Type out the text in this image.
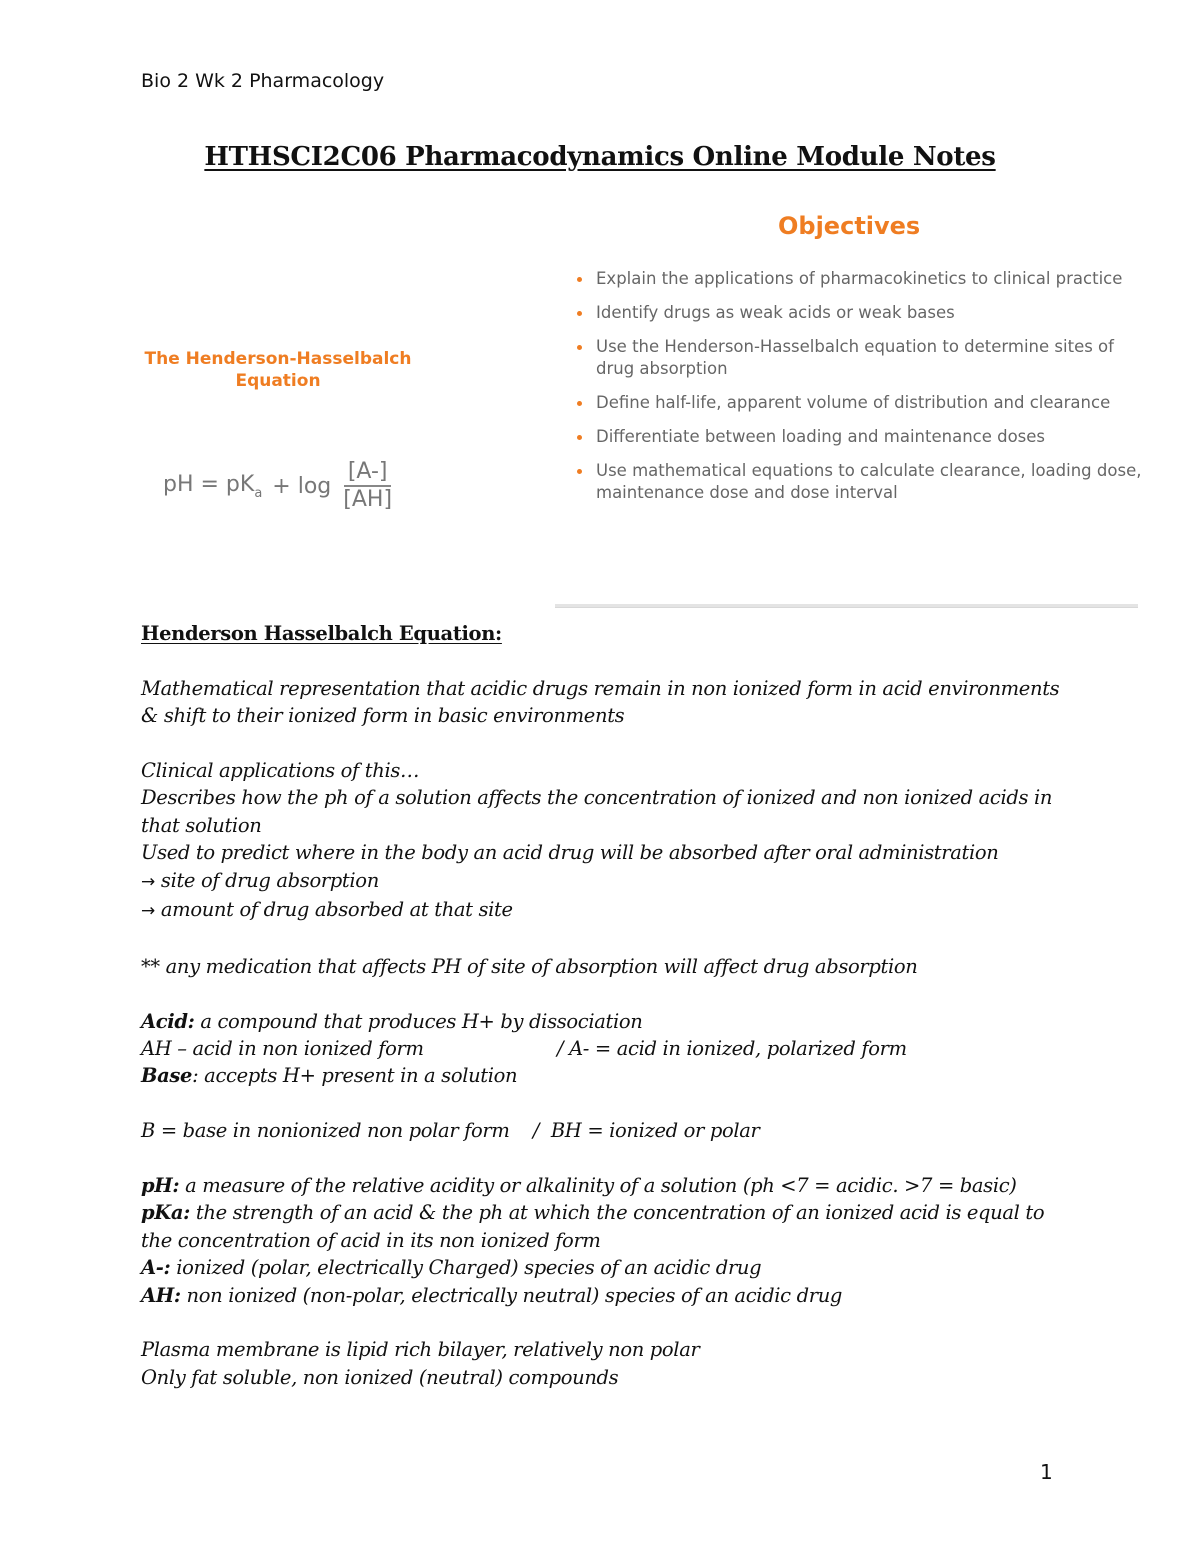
Bio 2 Wk 2 Pharmacology
HTHSCI2C06 Pharmacodynamics Online Module Notes
The Henderson-Hasselbalch
Equation
pH = $pK_a + \log \frac{[A-]}{[AH]}$
Objectives
Explain the applications of pharmacokinetics to clinical practice
Identify drugs as weak acids or weak bases
Use the Henderson-Hasselbalch equation to determine sites of drug absorption
Define half-life, apparent volume of distribution and clearance
Differentiate between loading and maintenance doses
Use mathematical equations to calculate clearance, loading dose, maintenance dose and dose interval

Henderson Hasselbalch Equation:

Mathematical representation that acidic drugs remain in non ionized form in acid environments & shift to their ionized form in basic environments

Clinical applications of this…

Describes how the ph of a solution affects the concentration of ionized and non ionized acids in that solution

Used to predict where in the body an acid drug will be absorbed after oral administration

→ site of drug absorption

→ amount of drug absorbed at that site

** any medication that affects PH of site of absorption will affect drug absorption

Acid: a compound that produces H+ by dissociation

AH – acid in non ionized form	/ A- = acid in ionized, polarized form

Base: accepts H+ present in a solution

B = base in nonionized non polar form    /  BH = ionized or polar

pH: a measure of the relative acidity or alkalinity of a solution (ph <7 = acidic. >7 = basic)

pKa: the strength of an acid & the ph at which the concentration of an ionized acid is equal to the concentration of acid in its non ionized form

A-: ionized (polar, electrically Charged) species of an acidic drug

AH: non ionized (non-polar, electrically neutral) species of an acidic drug

Plasma membrane is lipid rich bilayer, relatively non polar

Only fat soluble, non ionized (neutral) compounds

1
